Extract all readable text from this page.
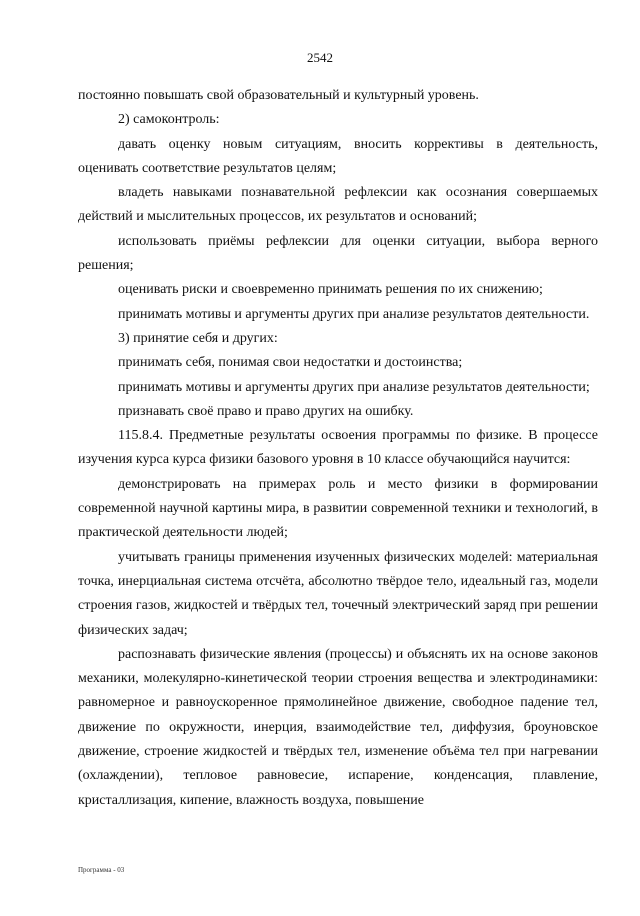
2542

постоянно повышать свой образовательный и культурный уровень.

2) самоконтроль:

давать оценку новым ситуациям, вносить коррективы в деятельность, оценивать соответствие результатов целям;

владеть навыками познавательной рефлексии как осознания совершаемых действий и мыслительных процессов, их результатов и оснований;

использовать приёмы рефлексии для оценки ситуации, выбора верного решения;

оценивать риски и своевременно принимать решения по их снижению;

принимать мотивы и аргументы других при анализе результатов деятельности.

3) принятие себя и других:

принимать себя, понимая свои недостатки и достоинства;

принимать мотивы и аргументы других при анализе результатов деятельности;

признавать своё право и право других на ошибку.

115.8.4. Предметные результаты освоения программы по физике. В процессе изучения курса курса физики базового уровня в 10 классе обучающийся научится:

демонстрировать на примерах роль и место физики в формировании современной научной картины мира, в развитии современной техники и технологий, в практической деятельности людей;

учитывать границы применения изученных физических моделей: материальная точка, инерциальная система отсчёта, абсолютно твёрдое тело, идеальный газ, модели строения газов, жидкостей и твёрдых тел, точечный электрический заряд при решении физических задач;

распознавать физические явления (процессы) и объяснять их на основе законов механики, молекулярно-кинетической теории строения вещества и электродинамики: равномерное и равноускоренное прямолинейное движение, свободное падение тел, движение по окружности, инерция, взаимодействие тел, диффузия, броуновское движение, строение жидкостей и твёрдых тел, изменение объёма тел при нагревании (охлаждении), тепловое равновесие, испарение, конденсация, плавление, кристаллизация, кипение, влажность воздуха, повышение

Программа - 03
